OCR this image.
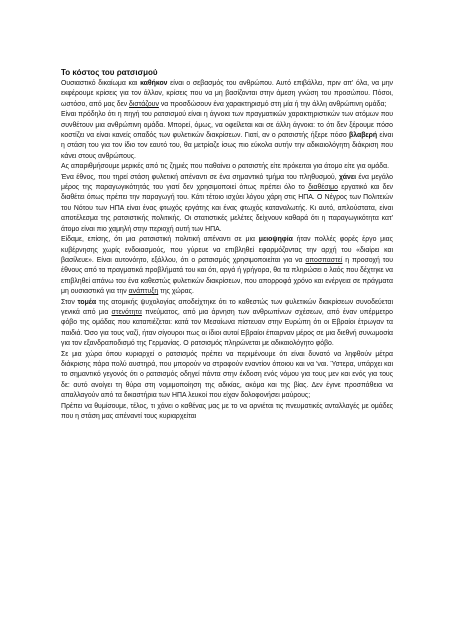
Το κόστος του ρατσισμού

Ουσιαστικό δικαίωμα και καθήκον είναι ο σεβασμός του ανθρώπου. Αυτό επιβάλλει, πριν απ' όλα, να μην εκφέρουμε κρίσεις για τον άλλον, κρίσεις που να μη βασίζονται στην άμεση γνώση του προσώπου. Πόσοι, ωστόσο, από μας δεν διστάζουν να προσδώσουν ένα χαρακτηρισμό στη μία ή την άλλη ανθρώπινη ομάδα;

Είναι πρόδηλο ότι η πηγή του ρατσισμού είναι η άγνοια των πραγματικών χαρακτηριστικών των ατόμων που συνθέτουν μια ανθρώπινη ομάδα. Μπορεί, όμως, να οφείλεται και σε άλλη άγνοια: το ότι δεν ξέρουμε πόσο κοστίζει να είναι κανείς οπαδός των φυλετικών διακρίσεων. Γιατί, αν ο ρατσιστής ήξερε πόσο βλαβερή είναι η στάση του για τον ίδιο τον εαυτό του, θα μετρίαζε ίσως πιο εύκολα αυτήν την αδικαιολόγητη διάκριση που κάνει στους ανθρώπους.

Ας απαριθμήσουμε μερικές από τις ζημιές που παθαίνει ο ρατσιστής είτε πρόκειται για άτομο είτε για ομάδα.

Ένα έθνος, που τηρεί στάση φυλετική απέναντι σε ένα σημαντικό τμήμα του πληθυσμού, χάνει ένα μεγάλο μέρος της παραγωγικότητάς του γιατί δεν χρησιμοποιεί όπως πρέπει όλο το διαθέσιμο εργατικό και δεν διαθέτει όπως πρέπει την παραγωγή του. Κάτι τέτοιο ισχύει λόγου χάρη στις ΗΠΑ. Ο Νέγρος των Πολιτειών του Νότου των ΗΠΑ είναι ένας φτωχός εργάτης και ένας φτωχός καταναλωτής. Κι αυτό, απλούστατα, είναι αποτέλεσμα της ρατσιστικής πολιτικής. Οι στατιστικές μελέτες δείχνουν καθαρά ότι η παραγωγικότητα κατ' άτομο είναι πιο χαμηλή στην περιοχή αυτή των ΗΠΑ.

Είδαμε, επίσης, ότι μια ρατσιστική πολιτική απέναντι σε μια μειοψηφία ήταν πολλές φορές έργο μιας κυβέρνησης χωρίς ενδοιασμούς, που γύρευε να επιβληθεί εφαρμόζοντας την αρχή του «διαίρει και βασίλευε». Είναι αυτονόητο, εξάλλου, ότι ο ρατσισμός χρησιμοποιείται για να αποσπαστεί η προσοχή του έθνους από τα πραγματικά προβλήματά του και ότι, αργά ή γρήγορα, θα τα πληρώσει ο λαός που δέχτηκε να επιβληθεί απάνω του ένα καθεστώς φυλετικών διακρίσεων, που απορροφά χρόνο και ενέργεια σε πράγματα μη ουσιαστικά για την ανάπτυξη της χώρας.

Στον τομέα της ατομικής ψυχολογίας αποδείχτηκε ότι το καθεστώς των φυλετικών διακρίσεων συνοδεύεται γενικά από μια στενότητα πνεύματος, από μια άρνηση των ανθρωπίνων σχέσεων, από έναν υπέρμετρο φόβο της ομάδας που καταπιέζεται: κατά τον Μεσαίωνα πίστευαν στην Ευρώπη ότι οι Εβραίοι έτρωγαν τα παιδιά. Όσο για τους ναζί, ήταν σίγουροι πως οι ίδιοι αυτοί Εβραίοι έπαιρναν μέρος σε μια διεθνή συνωμοσία για τον εξανδραποδισμό της Γερμανίας. Ο ρατσισμός πληρώνεται με αδικαιολόγητο φόβο.

Σε μια χώρα όπου κυριαρχεί ο ρατσισμός πρέπει να περιμένουμε ότι είναι δυνατό να ληφθούν μέτρα διάκρισης πάρα πολύ αυστηρά, που μπορούν να στραφούν εναντίον όποιου και να 'ναι. Ύστερα, υπάρχει και το σημαντικό γεγονός ότι ο ρατσισμός οδηγεί πάντα στην έκδοση ενός νόμου για τους μεν και ενός για τους δε: αυτό ανοίγει τη θύρα στη νομιμοποίηση της αδικίας, ακόμα και της βίας. Δεν έγινε προσπάθεια να απαλλαγούν από τα δικαστήρια των ΗΠΑ λευκοί που είχαν δολοφονήσει μαύρους;

Πρέπει να θυμίσουμε, τέλος, τι χάνει ο καθένας μας με το να αρνιέται τις πνευματικές ανταλλαγές με ομάδες που η στάση μας απέναντί τους κυριαρχείται
